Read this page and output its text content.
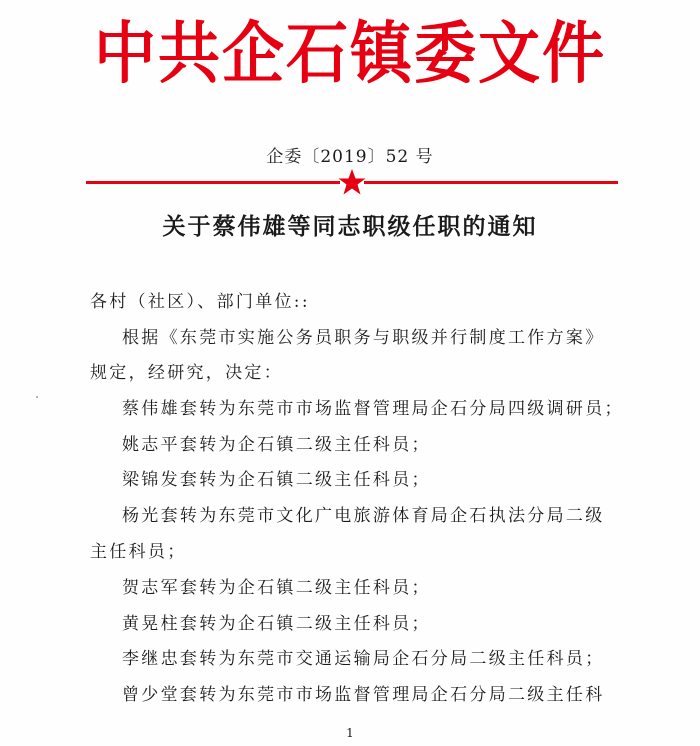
中共企石镇委文件
企委〔2019〕52 号
关于蔡伟雄等同志职级任职的通知
各村（社区）、部门单位::
根据《东莞市实施公务员职务与职级并行制度工作方案》
规定，经研究，决定：
蔡伟雄套转为东莞市市场监督管理局企石分局四级调研员；
姚志平套转为企石镇二级主任科员；
梁锦发套转为企石镇二级主任科员；
杨光套转为东莞市文化广电旅游体育局企石执法分局二级
主任科员；
贺志军套转为企石镇二级主任科员；
黄晃柱套转为企石镇二级主任科员；
李继忠套转为东莞市交通运输局企石分局二级主任科员；
曾少堂套转为东莞市市场监督管理局企石分局二级主任科
1
